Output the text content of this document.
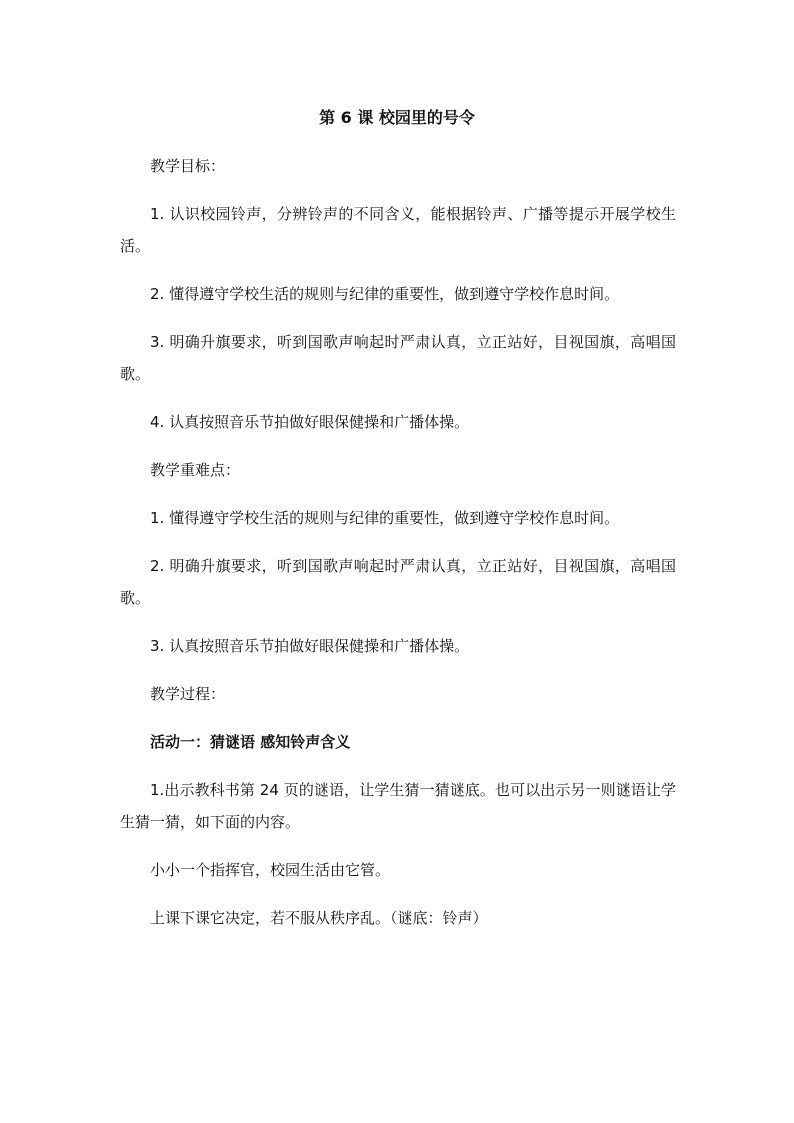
第 6 课 校园里的号令

教学目标：

1. 认识校园铃声，分辨铃声的不同含义，能根据铃声、广播等提示开展学校生活。

2. 懂得遵守学校生活的规则与纪律的重要性，做到遵守学校作息时间。

3. 明确升旗要求，听到国歌声响起时严肃认真，立正站好，目视国旗，高唱国歌。

4. 认真按照音乐节拍做好眼保健操和广播体操。

教学重难点：

1. 懂得遵守学校生活的规则与纪律的重要性，做到遵守学校作息时间。

2. 明确升旗要求，听到国歌声响起时严肃认真，立正站好，目视国旗，高唱国歌。

3. 认真按照音乐节拍做好眼保健操和广播体操。

教学过程：

活动一：猜谜语 感知铃声含义

1.出示教科书第 24 页的谜语，让学生猜一猜谜底。也可以出示另一则谜语让学生猜一猜，如下面的内容。

小小一个指挥官，校园生活由它管。

上课下课它决定，若不服从秩序乱。（谜底：铃声）
